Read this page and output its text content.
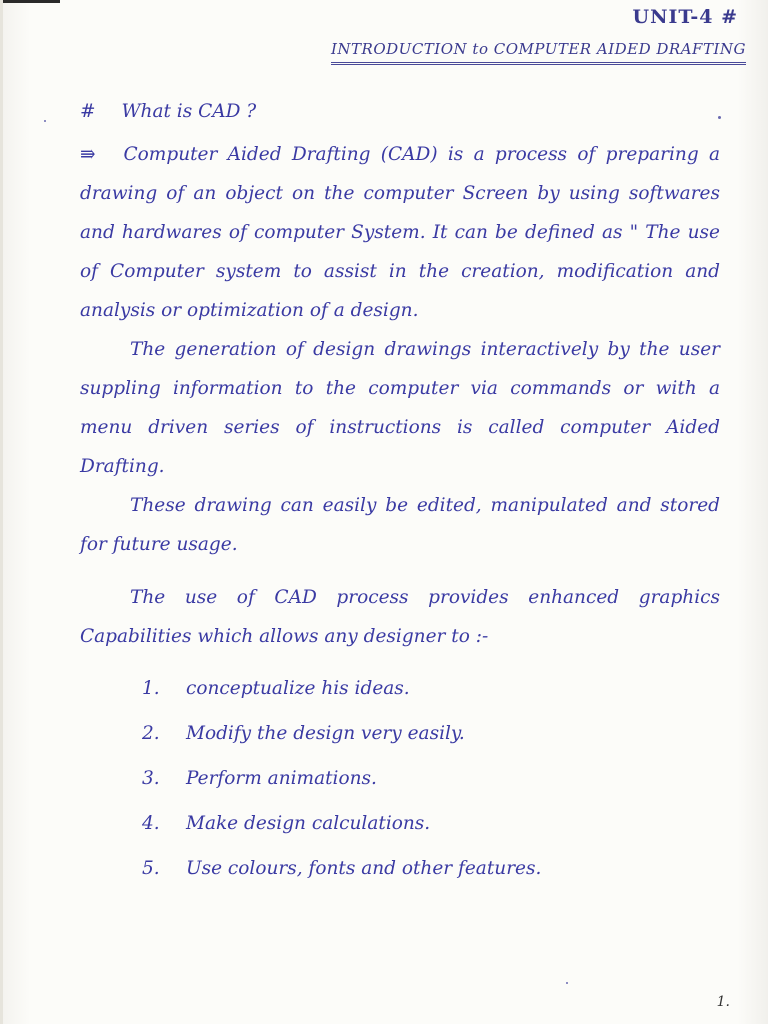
UNIT-4 #
INTRODUCTION to COMPUTER AIDED DRAFTING

# What is CAD ?

⇛ Computer Aided Drafting (CAD) is a process of preparing a drawing of an object on the computer Screen by using softwares and hardwares of computer System. It can be defined as " The use of Computer system to assist in the creation, modification and analysis or optimization of a design.

The generation of design drawings interactively by the user suppling information to the computer via commands or with a menu driven series of instructions is called computer Aided Drafting.

These drawing can easily be edited, manipulated and stored for future usage.

The use of CAD process provides enhanced graphics Capabilities which allows any designer to :-

1. conceptualize his ideas.
2. Modify the design very easily.
3. Perform animations.
4. Make design calculations.
5. Use colours, fonts and other features.
1.
